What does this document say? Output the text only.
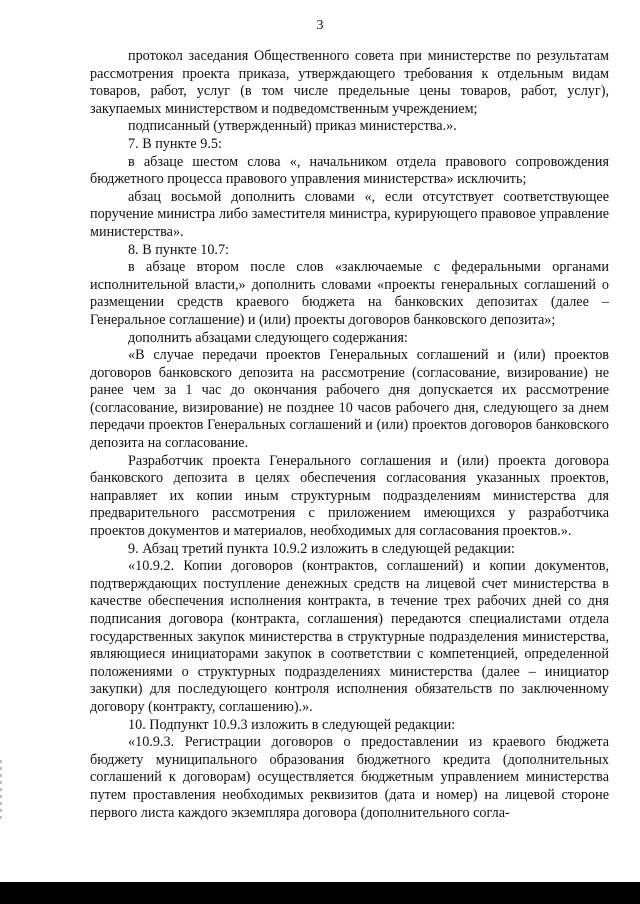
3

протокол заседания Общественного совета при министерстве по результатам рассмотрения проекта приказа, утверждающего требования к отдельным видам товаров, работ, услуг (в том числе предельные цены товаров, работ, услуг), закупаемых министерством и подведомственным учреждением;

подписанный (утвержденный) приказ министерства.».

7. В пункте 9.5:

в абзаце шестом слова «, начальником отдела правового сопровождения бюджетного процесса правового управления министерства» исключить;

абзац восьмой дополнить словами «, если отсутствует соответствующее поручение министра либо заместителя министра, курирующего правовое управление министерства».

8. В пункте 10.7:

в абзаце втором после слов «заключаемые с федеральными органами исполнительной власти,» дополнить словами «проекты генеральных соглашений о размещении средств краевого бюджета на банковских депозитах (далее – Генеральное соглашение) и (или) проекты договоров банковского депозита»;

дополнить абзацами следующего содержания:

«В случае передачи проектов Генеральных соглашений и (или) проектов договоров банковского депозита на рассмотрение (согласование, визирование) не ранее чем за 1 час до окончания рабочего дня допускается их рассмотрение (согласование, визирование) не позднее 10 часов рабочего дня, следующего за днем передачи проектов Генеральных соглашений и (или) проектов договоров банковского депозита на согласование.

Разработчик проекта Генерального соглашения и (или) проекта договора банковского депозита в целях обеспечения согласования указанных проектов, направляет их копии иным структурным подразделениям министерства для предварительного рассмотрения с приложением имеющихся у разработчика проектов документов и материалов, необходимых для согласования проектов.».

9. Абзац третий пункта 10.9.2 изложить в следующей редакции:

«10.9.2. Копии договоров (контрактов, соглашений) и копии документов, подтверждающих поступление денежных средств на лицевой счет министерства в качестве обеспечения исполнения контракта, в течение трех рабочих дней со дня подписания договора (контракта, соглашения) передаются специалистами отдела государственных закупок министерства в структурные подразделения министерства, являющиеся инициаторами закупок в соответствии с компетенцией, определенной положениями о структурных подразделениях министерства (далее – инициатор закупки) для последующего контроля исполнения обязательств по заключенному договору (контракту, соглашению).».

10. Подпункт 10.9.3 изложить в следующей редакции:

«10.9.3. Регистрации договоров о предоставлении из краевого бюджета бюджету муниципального образования бюджетного кредита (дополнительных соглашений к договорам) осуществляется бюджетным управлением министерства путем проставления необходимых реквизитов (дата и номер) на лицевой стороне первого листа каждого экземпляра договора (дополнительного согла-
